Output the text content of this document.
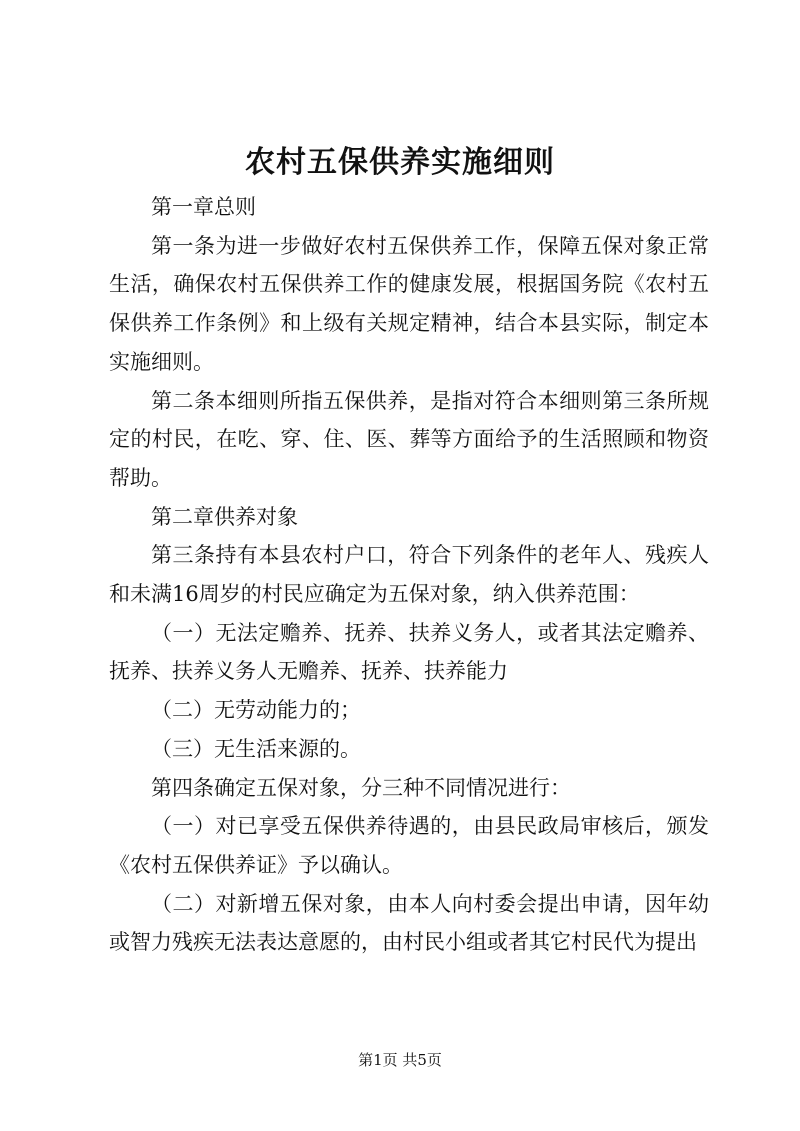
农村五保供养实施细则

第一章总则

第一条为进一步做好农村五保供养工作，保障五保对象正常生活，确保农村五保供养工作的健康发展，根据国务院《农村五保供养工作条例》和上级有关规定精神，结合本县实际，制定本实施细则。

第二条本细则所指五保供养，是指对符合本细则第三条所规定的村民，在吃、穿、住、医、葬等方面给予的生活照顾和物资帮助。

第二章供养对象

第三条持有本县农村户口，符合下列条件的老年人、残疾人和未满16周岁的村民应确定为五保对象，纳入供养范围：

（一）无法定赡养、抚养、扶养义务人，或者其法定赡养、抚养、扶养义务人无赡养、抚养、扶养能力

（二）无劳动能力的；

（三）无生活来源的。

第四条确定五保对象，分三种不同情况进行：

（一）对已享受五保供养待遇的，由县民政局审核后，颁发《农村五保供养证》予以确认。

（二）对新增五保对象，由本人向村委会提出申请，因年幼或智力残疾无法表达意愿的，由村民小组或者其它村民代为提出

第1页 共5页
